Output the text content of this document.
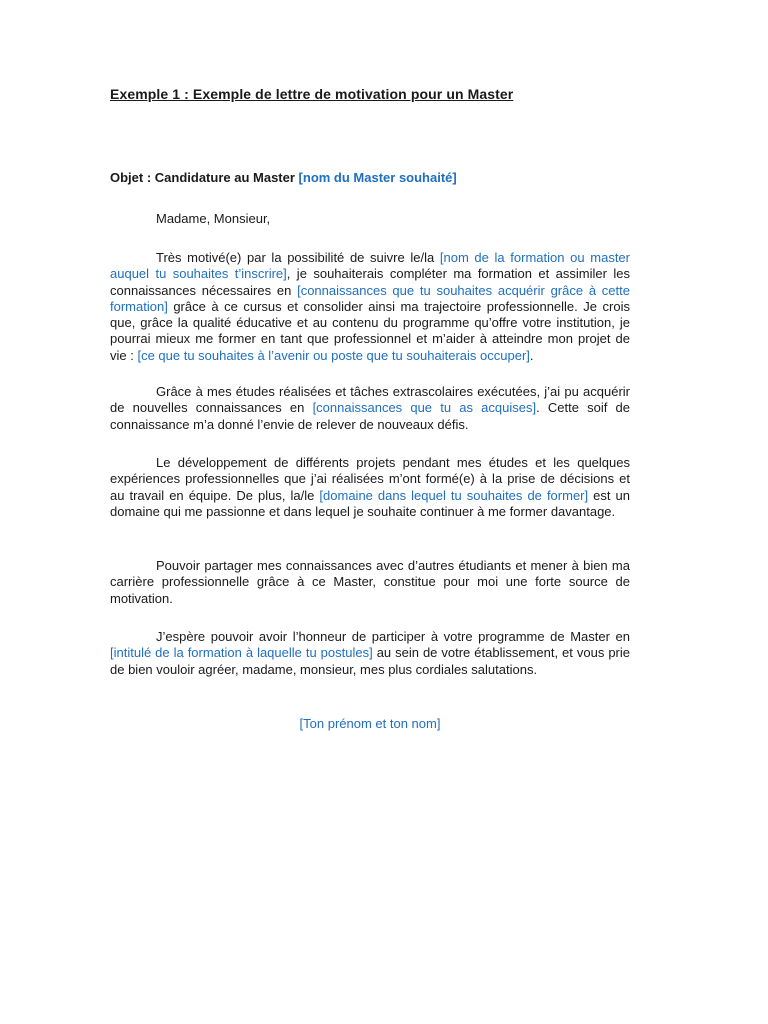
Exemple 1 : Exemple de lettre de motivation pour un Master
Objet : Candidature au Master [nom du Master souhaité]
Madame, Monsieur,

Très motivé(e) par la possibilité de suivre le/la [nom de la formation ou master auquel tu souhaites t’inscrire], je souhaiterais compléter ma formation et assimiler les connaissances nécessaires en [connaissances que tu souhaites acquérir grâce à cette formation] grâce à ce cursus et consolider ainsi ma trajectoire professionnelle. Je crois que, grâce la qualité éducative et au contenu du programme qu’offre votre institution, je pourrai mieux me former en tant que professionnel et m’aider à atteindre mon projet de vie : [ce que tu souhaites à l’avenir ou poste que tu souhaiterais occuper].

Grâce à mes études réalisées et tâches extrascolaires exécutées, j’ai pu acquérir de nouvelles connaissances en [connaissances que tu as acquises]. Cette soif de connaissance m’a donné l’envie de relever de nouveaux défis.

Le développement de différents projets pendant mes études et les quelques expériences professionnelles que j’ai réalisées m’ont formé(e) à la prise de décisions et au travail en équipe. De plus, la/le [domaine dans lequel tu souhaites de former] est un domaine qui me passionne et dans lequel je souhaite continuer à me former davantage.

Pouvoir partager mes connaissances avec d’autres étudiants et mener à bien ma carrière professionnelle grâce à ce Master, constitue pour moi une forte source de motivation.

J’espère pouvoir avoir l’honneur de participer à votre programme de Master en [intitulé de la formation à laquelle tu postules] au sein de votre établissement, et vous prie de bien vouloir agréer, madame, monsieur, mes plus cordiales salutations.

[Ton prénom et ton nom]
